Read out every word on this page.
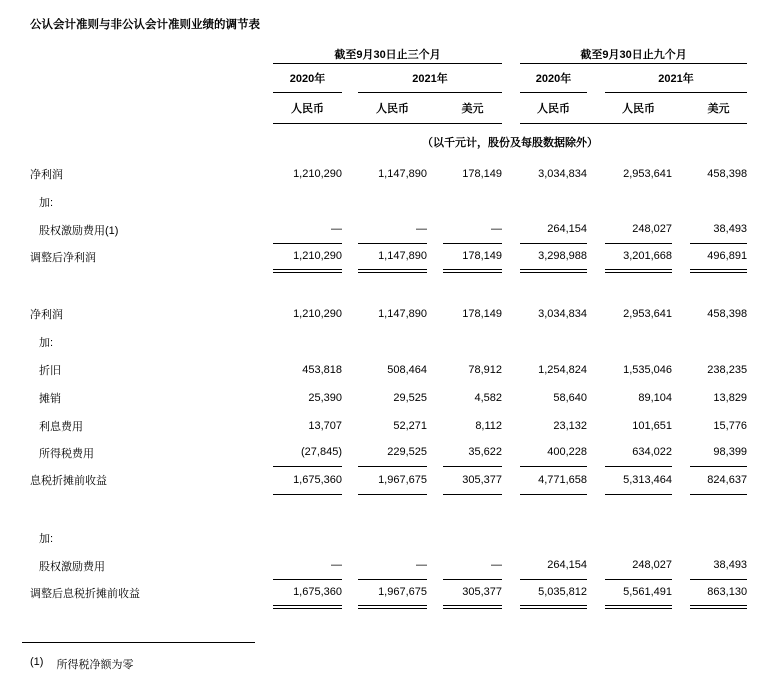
公认会计准则与非公认会计准则业绩的调节表
	截至9月30日止三个月						截至9月30日止九个月				
	2020年		2021年				2020年		2021年		
	人民币		人民币		美元		人民币		人民币		美元
	（以千元计，股份及每股数据除外）										
净利润	1,210,290		1,147,890		178,149		3,034,834		2,953,641		458,398
加:											
股权激励费用(1)	—		—		—		264,154		248,027		38,493
调整后净利润	1,210,290		1,147,890		178,149		3,298,988		3,201,668		496,891

净利润	1,210,290		1,147,890		178,149		3,034,834		2,953,641		458,398
加:											
折旧	453,818		508,464		78,912		1,254,824		1,535,046		238,235
摊销	25,390		29,525		4,582		58,640		89,104		13,829
利息费用	13,707		52,271		8,112		23,132		101,651		15,776
所得税费用	(27,845)		229,525		35,622		400,228		634,022		98,399
息税折摊前收益	1,675,360		1,967,675		305,377		4,771,658		5,313,464		824,637

加:											
股权激励费用	—		—		—		264,154		248,027		38,493
调整后息税折摊前收益	1,675,360		1,967,675		305,377		5,035,812		5,561,491		863,130
(1) 所得税净额为零
